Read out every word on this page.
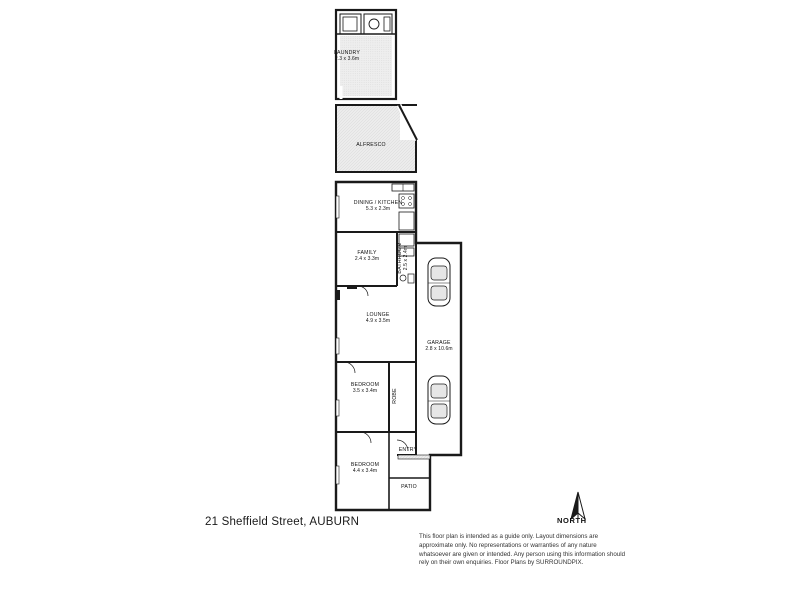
LAUNDRY
2.3 x 3.6m
ALFRESCO
DINING / KITCHEN
5.3 x 2.3m
FAMILY
2.4 x 3.3m	BATHROOM 2.5 x 2.4m
LOUNGE
4.9 x 3.5m
GARAGE
2.8 x 10.6m
BEDROOM
3.5 x 3.4m	ROBE
ENTRY
BEDROOM
4.4 x 3.4m
PATIO
21 Sheffield Street, AUBURN	NORTH
This floor plan is intended as a guide only. Layout dimensions are approximate only. No representations or warranties of any nature whatsoever are given or intended. Any person using this information should rely on their own enquiries. Floor Plans by SURROUNDPIX.
